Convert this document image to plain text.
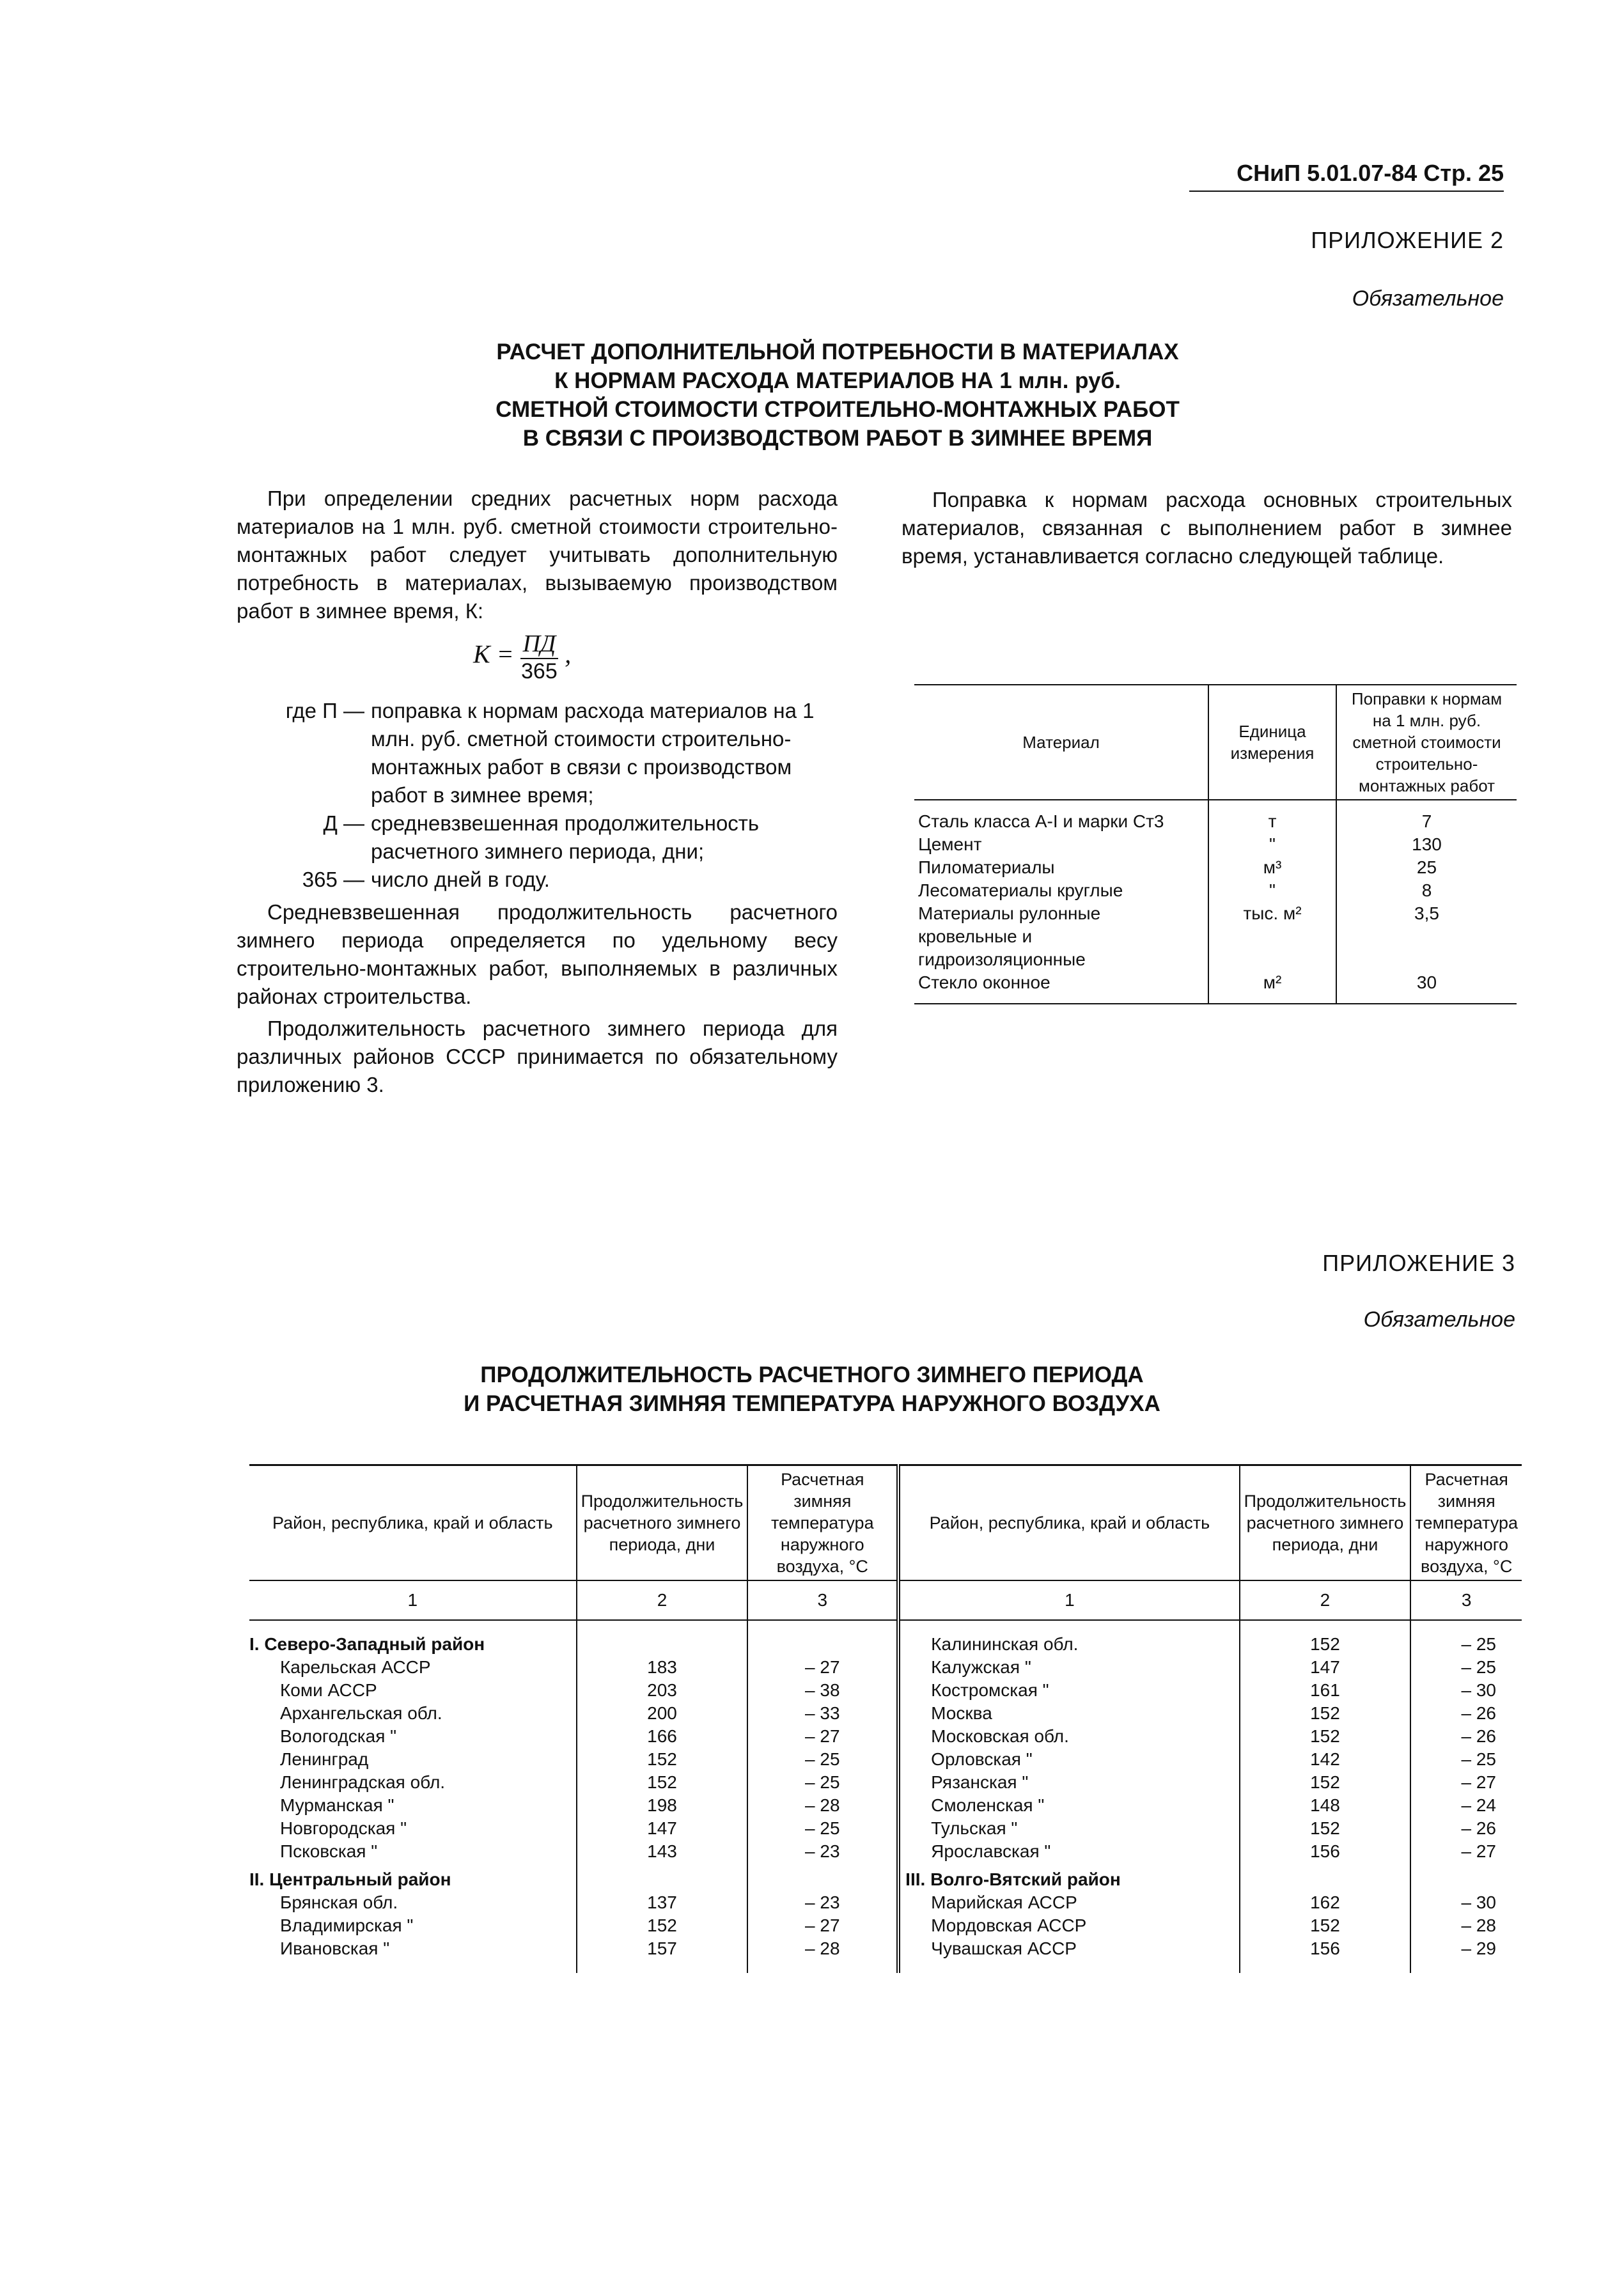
СНиП 5.01.07-84 Стр. 25
ПРИЛОЖЕНИЕ 2
Обязательное
РАСЧЕТ ДОПОЛНИТЕЛЬНОЙ ПОТРЕБНОСТИ В МАТЕРИАЛАХ
К НОРМАМ РАСХОДА МАТЕРИАЛОВ НА 1 млн. руб.
СМЕТНОЙ СТОИМОСТИ СТРОИТЕЛЬНО-МОНТАЖНЫХ РАБОТ
В СВЯЗИ С ПРОИЗВОДСТВОМ РАБОТ В ЗИМНЕЕ ВРЕМЯ

При определении средних расчетных норм расхода материалов на 1 млн. руб. сметной стоимости строительно-монтажных работ следует учитывать дополнительную потребность в материалах, вызываемую производством работ в зимнее время, К:

$К = \frac{ПД}{365}$ ,
где П — поправка к нормам расхода материалов на 1 млн. руб. сметной стоимости строительно-монтажных работ в связи с производством работ в зимнее время;
Д — средневзвешенная продолжительность расчетного зимнего периода, дни;
365 — число дней в году.

Средневзвешенная продолжительность расчетного зимнего периода определяется по удельному весу строительно-монтажных работ, выполняемых в различных районах строительства.

Продолжительность расчетного зимнего периода для различных районов СССР принимается по обязательному приложению 3.

Поправка к нормам расхода основных строительных материалов, связанная с выполнением работ в зимнее время, устанавливается согласно следующей таблице.

Материал	Единица измерения	Поправки к нормам на 1 млн. руб. сметной стоимости строительно-монтажных работ

Сталь класса А-I и марки Ст3	т	7
Цемент	"	130
Пиломатериалы	м³	25
Лесоматериалы круглые	"	8
Материалы рулонные кровельные и гидроизоляционные	тыс. м²	3,5
Стекло оконное	м²	30
ПРИЛОЖЕНИЕ 3
Обязательное
ПРОДОЛЖИТЕЛЬНОСТЬ РАСЧЕТНОГО ЗИМНЕГО ПЕРИОДА
И РАСЧЕТНАЯ ЗИМНЯЯ ТЕМПЕРАТУРА НАРУЖНОГО ВОЗДУХА
Район, республика, край и область	Продолжительность расчетного зимнего периода, дни	Расчетная зимняя температура наружного воздуха, °С	Район, республика, край и область	Продолжительность расчетного зимнего периода, дни	Расчетная зимняя температура наружного воздуха, °С
1	2	3	1	2	3

I. Северо-Западный район			Калининская обл.	152	– 25
Карельская АССР	183	– 27	Калужская "	147	– 25
Коми АССР	203	– 38	Костромская "	161	– 30
Архангельская обл.	200	– 33	Москва	152	– 26
Вологодская "	166	– 27	Московская обл.	152	– 26
Ленинград	152	– 25	Орловская "	142	– 25
Ленинградская обл.	152	– 25	Рязанская "	152	– 27
Мурманская "	198	– 28	Смоленская "	148	– 24
Новгородская "	147	– 25	Тульская "	152	– 26
Псковская "	143	– 23	Ярославская "	156	– 27
II. Центральный район			III. Волго-Вятский район		
Брянская обл.	137	– 23	Марийская АССР	162	– 30
Владимирская "	152	– 27	Мордовская АССР	152	– 28
Ивановская "	157	– 28	Чувашская АССР	156	– 29
